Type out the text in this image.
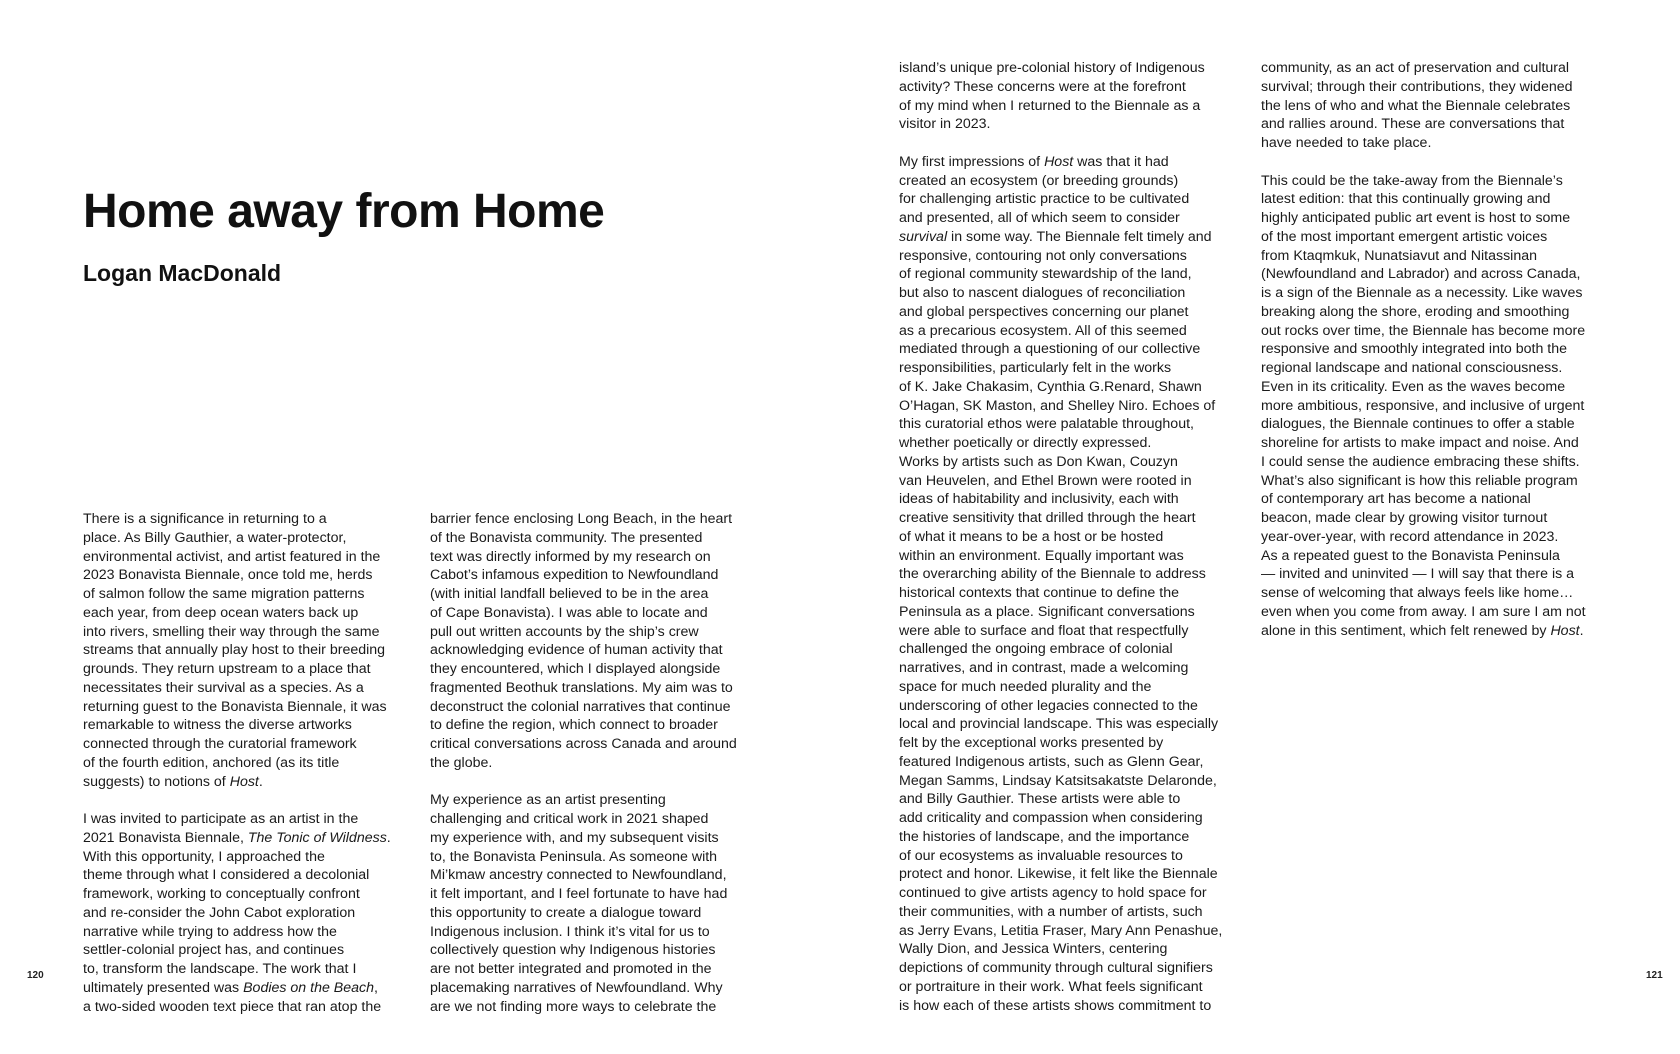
Home away from Home
Logan MacDonald

There is a significance in returning to a
place. As Billy Gauthier, a water-protector,
environmental activist, and artist featured in the
2023 Bonavista Biennale, once told me, herds
of salmon follow the same migration patterns
each year, from deep ocean waters back up
into rivers, smelling their way through the same
streams that annually play host to their breeding
grounds. They return upstream to a place that
necessitates their survival as a species. As a
returning guest to the Bonavista Biennale, it was
remarkable to witness the diverse artworks
connected through the curatorial framework
of the fourth edition, anchored (as its title
suggests) to notions of Host.

I was invited to participate as an artist in the
2021 Bonavista Biennale, The Tonic of Wildness.
With this opportunity, I approached the
theme through what I considered a decolonial
framework, working to conceptually confront
and re-consider the John Cabot exploration
narrative while trying to address how the
settler-colonial project has, and continues
to, transform the landscape. The work that I
ultimately presented was Bodies on the Beach,
a two-sided wooden text piece that ran atop the

barrier fence enclosing Long Beach, in the heart
of the Bonavista community. The presented
text was directly informed by my research on
Cabot’s infamous expedition to Newfoundland
(with initial landfall believed to be in the area
of Cape Bonavista). I was able to locate and
pull out written accounts by the ship’s crew
acknowledging evidence of human activity that
they encountered, which I displayed alongside
fragmented Beothuk translations. My aim was to
deconstruct the colonial narratives that continue
to define the region, which connect to broader
critical conversations across Canada and around
the globe.

My experience as an artist presenting
challenging and critical work in 2021 shaped
my experience with, and my subsequent visits
to, the Bonavista Peninsula. As someone with
Mi’kmaw ancestry connected to Newfoundland,
it felt important, and I feel fortunate to have had
this opportunity to create a dialogue toward
Indigenous inclusion. I think it’s vital for us to
collectively question why Indigenous histories
are not better integrated and promoted in the
placemaking narratives of Newfoundland. Why
are we not finding more ways to celebrate the

120	121

island’s unique pre-colonial history of Indigenous
activity? These concerns were at the forefront
of my mind when I returned to the Biennale as a
visitor in 2023.

My first impressions of Host was that it had
created an ecosystem (or breeding grounds)
for challenging artistic practice to be cultivated
and presented, all of which seem to consider
survival in some way. The Biennale felt timely and
responsive, contouring not only conversations
of regional community stewardship of the land,
but also to nascent dialogues of reconciliation
and global perspectives concerning our planet
as a precarious ecosystem. All of this seemed
mediated through a questioning of our collective
responsibilities, particularly felt in the works
of K. Jake Chakasim, Cynthia G.Renard, Shawn
O’Hagan, SK Maston, and Shelley Niro. Echoes of
this curatorial ethos were palatable throughout,
whether poetically or directly expressed.

Works by artists such as Don Kwan, Couzyn
van Heuvelen, and Ethel Brown were rooted in
ideas of habitability and inclusivity, each with
creative sensitivity that drilled through the heart
of what it means to be a host or be hosted
within an environment. Equally important was
the overarching ability of the Biennale to address
historical contexts that continue to define the
Peninsula as a place. Significant conversations
were able to surface and float that respectfully
challenged the ongoing embrace of colonial
narratives, and in contrast, made a welcoming
space for much needed plurality and the
underscoring of other legacies connected to the
local and provincial landscape. This was especially
felt by the exceptional works presented by
featured Indigenous artists, such as Glenn Gear,
Megan Samms, Lindsay Katsitsakatste Delaronde,
and Billy Gauthier. These artists were able to
add criticality and compassion when considering
the histories of landscape, and the importance
of our ecosystems as invaluable resources to
protect and honor. Likewise, it felt like the Biennale
continued to give artists agency to hold space for
their communities, with a number of artists, such
as Jerry Evans, Letitia Fraser, Mary Ann Penashue,
Wally Dion, and Jessica Winters, centering
depictions of community through cultural signifiers
or portraiture in their work. What feels significant
is how each of these artists shows commitment to

community, as an act of preservation and cultural
survival; through their contributions, they widened
the lens of who and what the Biennale celebrates
and rallies around. These are conversations that
have needed to take place.

This could be the take-away from the Biennale’s
latest edition: that this continually growing and
highly anticipated public art event is host to some
of the most important emergent artistic voices
from Ktaqmkuk, Nunatsiavut and Nitassinan
(Newfoundland and Labrador) and across Canada,
is a sign of the Biennale as a necessity. Like waves
breaking along the shore, eroding and smoothing
out rocks over time, the Biennale has become more
responsive and smoothly integrated into both the
regional landscape and national consciousness.
Even in its criticality. Even as the waves become
more ambitious, responsive, and inclusive of urgent
dialogues, the Biennale continues to offer a stable
shoreline for artists to make impact and noise. And
I could sense the audience embracing these shifts.
What’s also significant is how this reliable program
of contemporary art has become a national
beacon, made clear by growing visitor turnout
year-over-year, with record attendance in 2023.
As a repeated guest to the Bonavista Peninsula
— invited and uninvited — I will say that there is a
sense of welcoming that always feels like home…
even when you come from away. I am sure I am not
alone in this sentiment, which felt renewed by Host.
